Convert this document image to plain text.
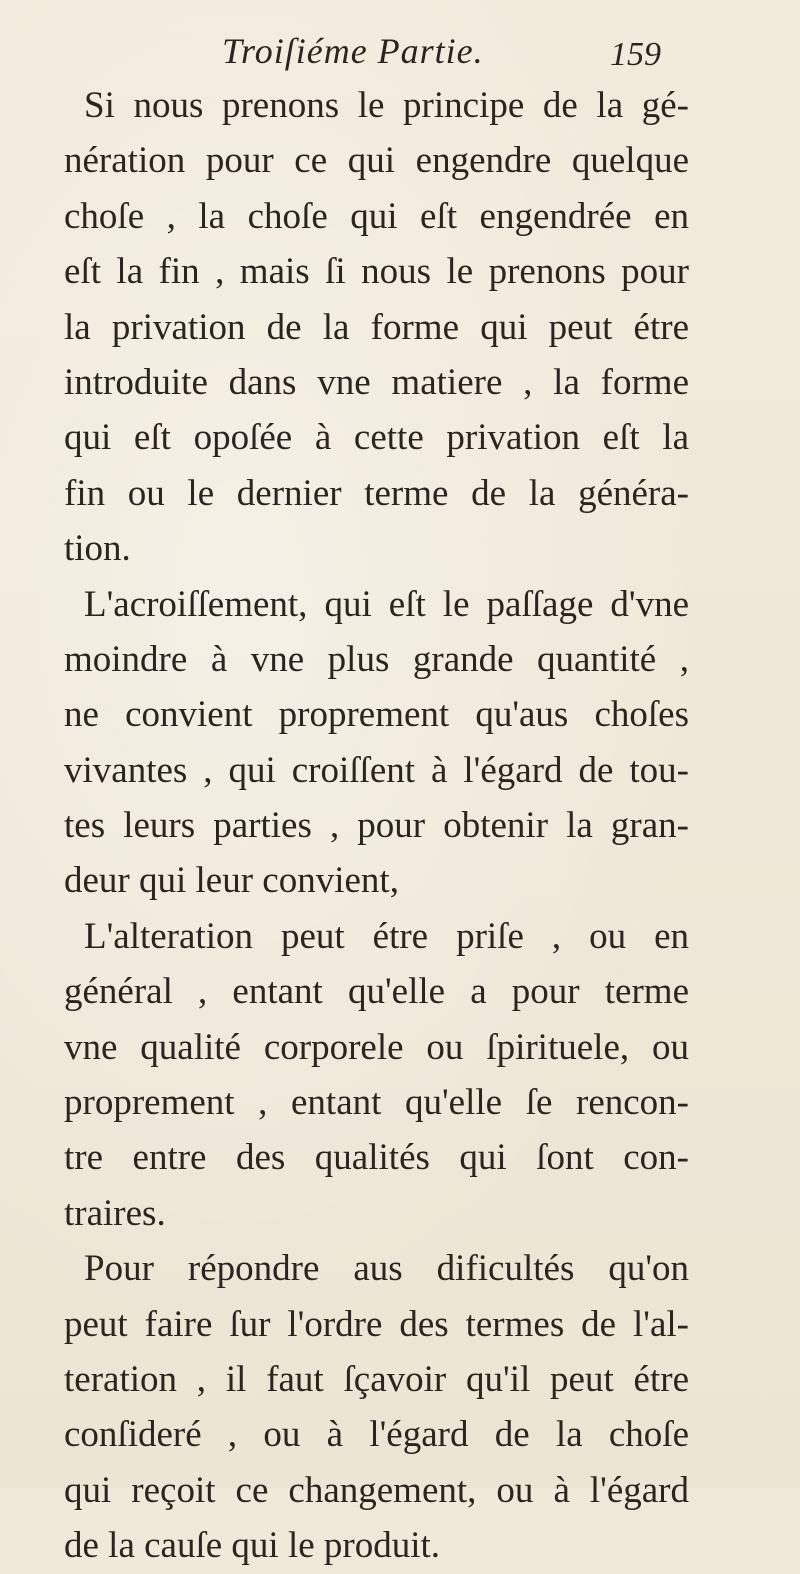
Troiſiéme Partie.	159
Si nous prenons le principe de la gé-
nération pour ce qui engendre quelque
choſe , la choſe qui eſt engendrée en
eſt la fin , mais ſi nous le prenons pour
la privation de la forme qui peut étre
introduite dans vne matiere , la forme
qui eſt opoſée à cette privation eſt la
fin ou le dernier terme de la généra-
tion.
L'acroiſſement, qui eſt le paſſage d'vne
moindre à vne plus grande quantité ,
ne convient proprement qu'aus choſes
vivantes , qui croiſſent à l'égard de tou-
tes leurs parties , pour obtenir la gran-
deur qui leur convient,
L'alteration peut étre priſe , ou en
général , entant qu'elle a pour terme
vne qualité corporele ou ſpirituele, ou
proprement , entant qu'elle ſe rencon-
tre entre des qualités qui ſont con-
traires.
Pour répondre aus dificultés qu'on
peut faire ſur l'ordre des termes de l'al-
teration , il faut ſçavoir qu'il peut étre
conſideré , ou à l'égard de la choſe
qui reçoit ce changement, ou à l'égard
de la cauſe qui le produit.
